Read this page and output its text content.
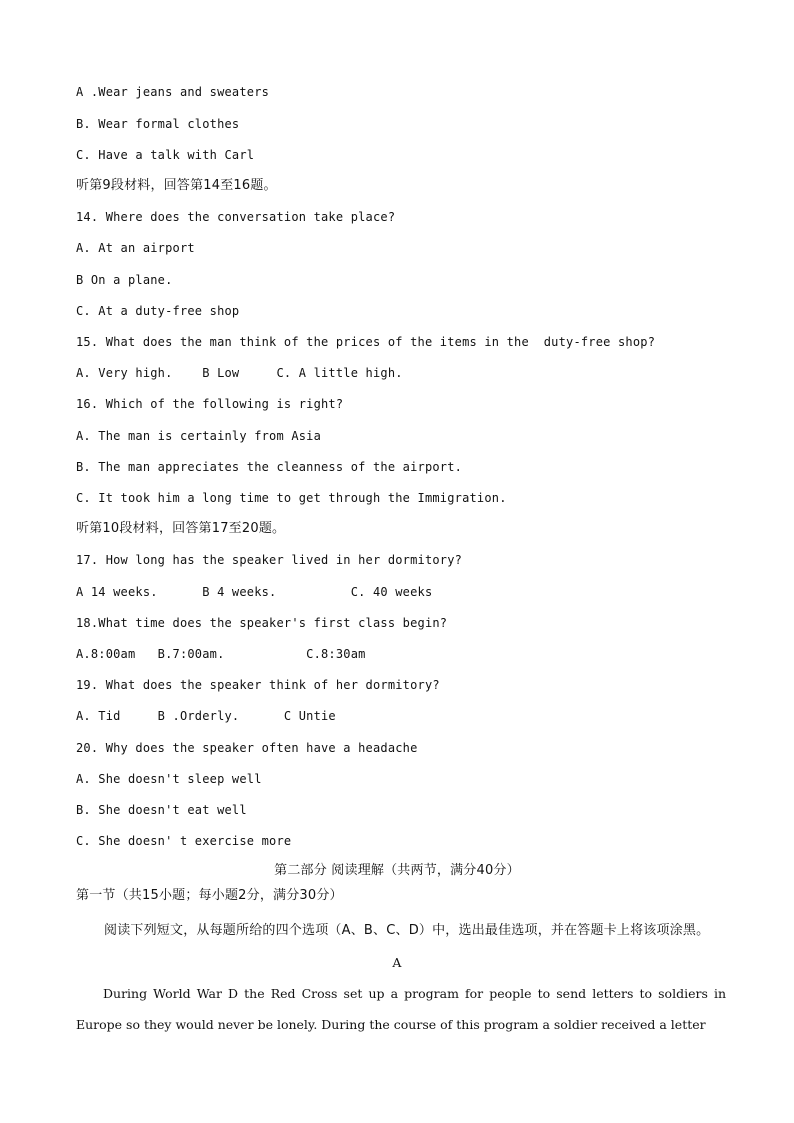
A .Wear jeans and sweaters
B. Wear formal clothes
C. Have a talk with Carl
听第9段材料，回答第14至16题。
14. Where does the conversation take place?
A. At an airport
B On a plane.
C. At a duty-free shop
15. What does the man think of the prices of the items in the  duty-free shop?
A. Very high.    B Low     C. A little high.
16. Which of the following is right?
A. The man is certainly from Asia
B. The man appreciates the cleanness of the airport.
C. It took him a long time to get through the Immigration.
听第10段材料，回答第17至20题。
17. How long has the speaker lived in her dormitory?
A 14 weeks.      B 4 weeks.          C. 40 weeks
18.What time does the speaker's first class begin?
A.8:00am   B.7:00am.           C.8:30am
19. What does the speaker think of her dormitory?
A. Tid     B .Orderly.      C Untie
20. Why does the speaker often have a headache
A. She doesn't sleep well
B. She doesn't eat well
C. She doesn' t exercise more
第二部分 阅读理解（共两节，满分40分）
第一节（共15小题；每小题2分，满分30分）
阅读下列短文，从每题所给的四个选项（A、B、C、D）中，选出最佳选项，并在答题卡上将该项涂黑。
A
During World War D the Red Cross set up a program for people to send letters to soldiers in Europe so they would never be lonely. During the course of this program a soldier received a letter
